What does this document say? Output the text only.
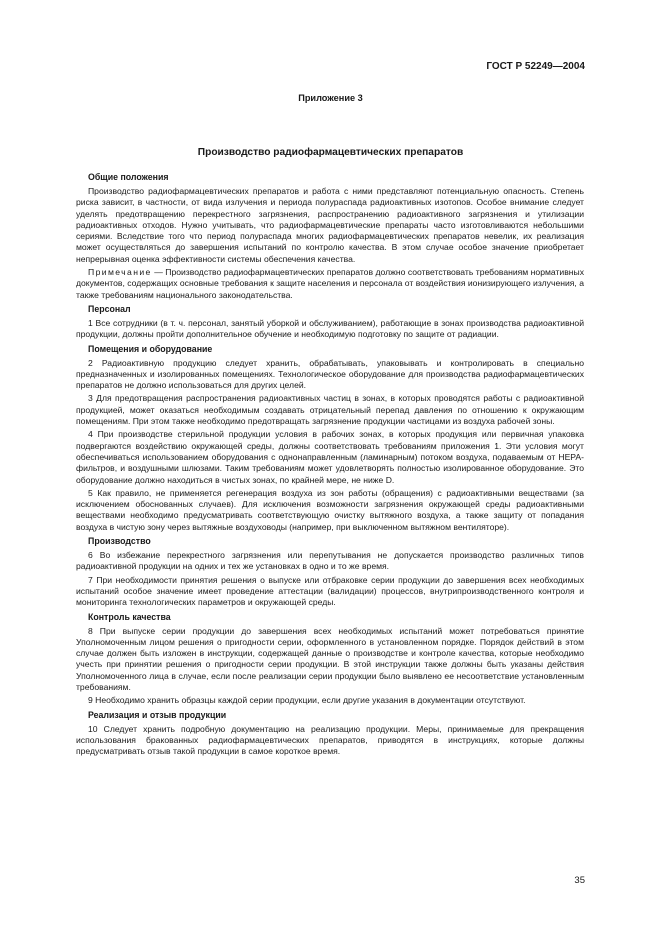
ГОСТ Р 52249—2004
Приложение 3
Производство радиофармацевтических препаратов
Общие положения

Производство радиофармацевтических препаратов и работа с ними представляют потенциальную опасность. Степень риска зависит, в частности, от вида излучения и периода полураспада радиоактивных изотопов. Особое внимание следует уделять предотвращению перекрестного загрязнения, распространению радиоактивного загрязнения и утилизации радиоактивных отходов. Нужно учитывать, что радиофармацевтические препараты часто изготовливаются небольшими сериями. Вследствие того что период полураспада многих радиофармацевтических препаратов невелик, их реализация может осуществляться до завершения испытаний по контролю качества. В этом случае особое значение приобретает непрерывная оценка эффективности системы обеспечения качества.

Примечание — Производство радиофармацевтических препаратов должно соответствовать требованиям нормативных документов, содержащих основные требования к защите населения и персонала от воздействия ионизирующего излучения, а также требованиям национального законодательства.

Персонал

1 Все сотрудники (в т. ч. персонал, занятый уборкой и обслуживанием), работающие в зонах производства радиоактивной продукции, должны пройти дополнительное обучение и необходимую подготовку по защите от радиации.

Помещения и оборудование

2 Радиоактивную продукцию следует хранить, обрабатывать, упаковывать и контролировать в специально предназначенных и изолированных помещениях. Технологическое оборудование для производства радиофармацевтических препаратов не должно использоваться для других целей.

3 Для предотвращения распространения радиоактивных частиц в зонах, в которых проводятся работы с радиоактивной продукцией, может оказаться необходимым создавать отрицательный перепад давления по отношению к окружающим помещениям. При этом также необходимо предотвращать загрязнение продукции частицами из воздуха рабочей зоны.

4 При производстве стерильной продукции условия в рабочих зонах, в которых продукция или первичная упаковка подвергаются воздействию окружающей среды, должны соответствовать требованиям приложения 1. Эти условия могут обеспечиваться использованием оборудования с однонаправленным (ламинарным) потоком воздуха, подаваемым от HEPA-фильтров, и воздушными шлюзами. Таким требованиям может удовлетворять полностью изолированное оборудование. Это оборудование должно находиться в чистых зонах, по крайней мере, не ниже D.

5 Как правило, не применяется регенерация воздуха из зон работы (обращения) с радиоактивными веществами (за исключением обоснованных случаев). Для исключения возможности загрязнения окружающей среды радиоактивными веществами необходимо предусматривать соответствующую очистку вытяжного воздуха, а также защиту от попадания воздуха в чистую зону через вытяжные воздуховоды (например, при выключенном вытяжном вентиляторе).

Производство

6 Во избежание перекрестного загрязнения или перепутывания не допускается производство различных типов радиоактивной продукции на одних и тех же установках в одно и то же время.

7 При необходимости принятия решения о выпуске или отбраковке серии продукции до завершения всех необходимых испытаний особое значение имеет проведение аттестации (валидации) процессов, внутрипроизводственного контроля и мониторинга технологических параметров и окружающей среды.

Контроль качества

8 При выпуске серии продукции до завершения всех необходимых испытаний может потребоваться принятие Уполномоченным лицом решения о пригодности серии, оформленного в установленном порядке. Порядок действий в этом случае должен быть изложен в инструкции, содержащей данные о производстве и контроле качества, которые необходимо учесть при принятии решения о пригодности серии продукции. В этой инструкции также должны быть указаны действия Уполномоченного лица в случае, если после реализации серии продукции было выявлено ее несоответствие установленным требованиям.

9 Необходимо хранить образцы каждой серии продукции, если другие указания в документации отсутствуют.

Реализация и отзыв продукции

10 Следует хранить подробную документацию на реализацию продукции. Меры, принимаемые для прекращения использования бракованных радиофармацевтических препаратов, приводятся в инструкциях, которые должны предусматривать отзыв такой продукции в самое короткое время.

35
